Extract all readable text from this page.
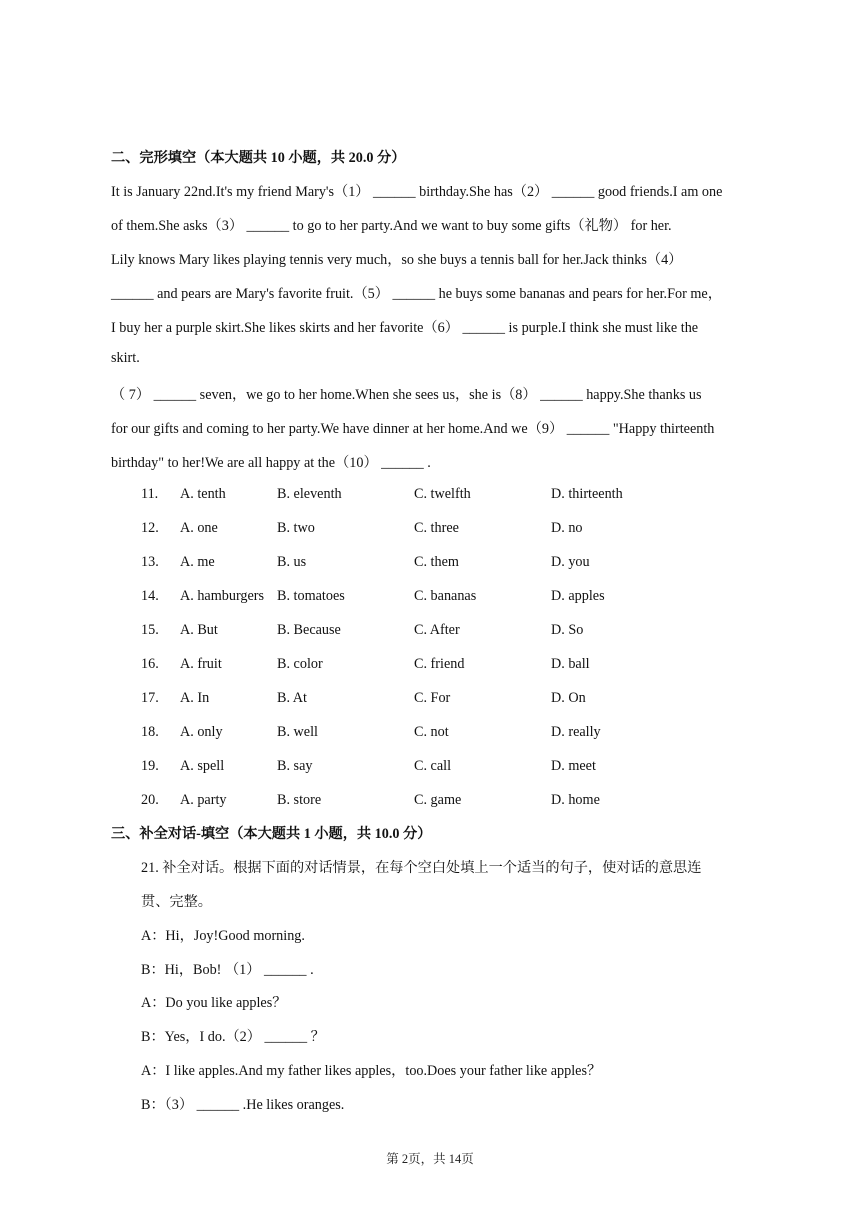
二、完形填空（本大题共 10 小题，共 20.0 分）
It is January 22nd.It's my friend Mary's（1） ______ birthday.She has（2） ______ good friends.I am one
of them.She asks（3） ______ to go to her party.And we want to buy some gifts（礼物） for her.
Lily knows Mary likes playing tennis very much，so she buys a tennis ball for her.Jack thinks（4）
______ and pears are Mary's favorite fruit.（5） ______ he buys some bananas and pears for her.For me，
I buy her a purple skirt.She likes skirts and her favorite（6） ______ is purple.I think she must like the
skirt.
（ 7） ______ seven，we go to her home.When she sees us，she is（8） ______ happy.She thanks us
for our gifts and coming to her party.We have dinner at her home.And we（9） ______ "Happy thirteenth
birthday" to her!We are all happy at the（10） ______ .
11. A. tenth	B. eleventh	C. twelfth	D. thirteenth
12. A. one	B. two	C. three	D. no
13. A. me	B. us	C. them	D. you
14. A. hamburgers B. tomatoes	C. bananas	D. apples
15. A. But	B. Because	C. After	D. So
16. A. fruit	B. color	C. friend	D. ball
17. A. In	B. At	C. For	D. On
18. A. only	B. well	C. not	D. really
19. A. spell	B. say	C. call	D. meet
20. A. party	B. store	C. game	D. home
三、补全对话-填空（本大题共 1 小题，共 10.0 分）
21. 补全对话。根据下面的对话情景，在每个空白处填上一个适当的句子，使对话的意思连
贯、完整。
A：Hi，Joy!Good morning.
B：Hi，Bob! （1） ______ .
A：Do you like apples？
B：Yes，I do.（2） ______ ？
A：I like apples.And my father likes apples，too.Does your father like apples？
B：（3） ______ .He likes oranges.
第 2页，共 14页
